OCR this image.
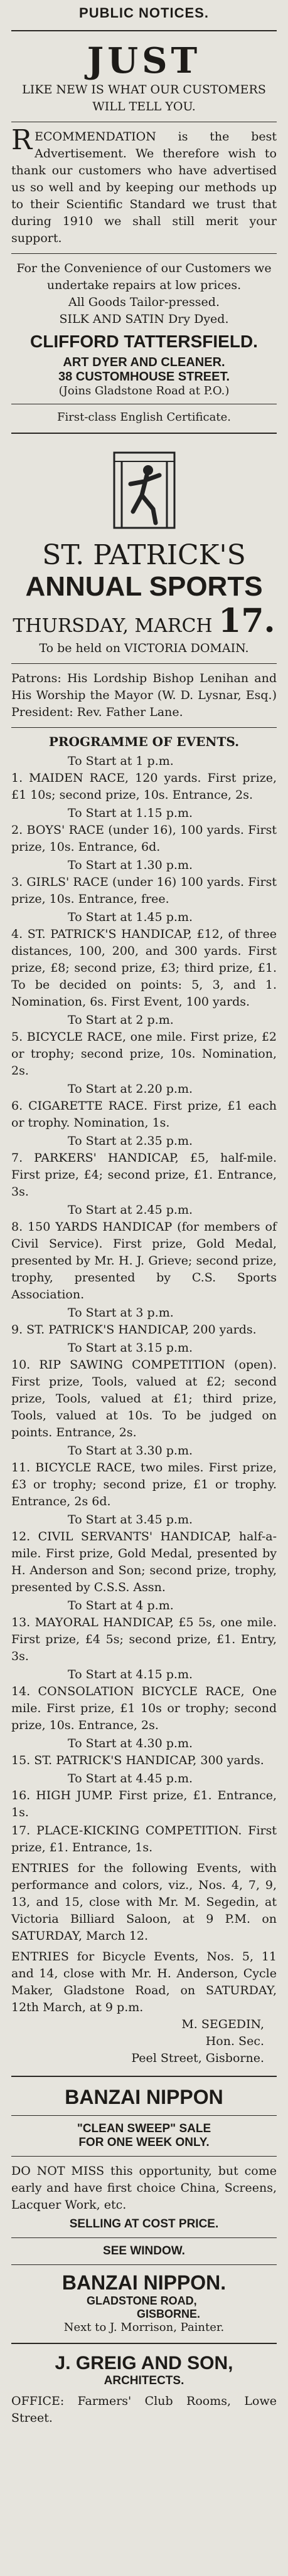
PUBLIC NOTICES.
JUST
LIKE NEW IS WHAT OUR CUSTOMERS WILL TELL YOU.
RECOMMENDATION is the best Advertisement. We therefore wish to thank our customers who have advertised us so well and by keeping our methods up to their Scientific Standard we trust that during 1910 we shall still merit your support.
For the Convenience of our Customers we undertake repairs at low prices.
All Goods Tailor-pressed.
SILK AND SATIN Dry Dyed.
CLIFFORD TATTERSFIELD.
ART DYER AND CLEANER.
38 CUSTOMHOUSE STREET.
(Joins Gladstone Road at P.O.)
First-class English Certificate.
ST. PATRICK'S
ANNUAL SPORTS
THURSDAY, MARCH 17.
To be held on VICTORIA DOMAIN.
Patrons: His Lordship Bishop Lenihan and His Worship the Mayor (W. D. Lysnar, Esq.) President: Rev. Father Lane.
PROGRAMME OF EVENTS.
To Start at 1 p.m.
1. MAIDEN RACE, 120 yards. First prize, £1 10s; second prize, 10s. Entrance, 2s.
To Start at 1.15 p.m.
2. BOYS' RACE (under 16), 100 yards. First prize, 10s. Entrance, 6d.
To Start at 1.30 p.m.
3. GIRLS' RACE (under 16) 100 yards. First prize, 10s. Entrance, free.
To Start at 1.45 p.m.
4. ST. PATRICK'S HANDICAP, £12, of three distances, 100, 200, and 300 yards. First prize, £8; second prize, £3; third prize, £1. To be decided on points: 5, 3, and 1. Nomination, 6s. First Event, 100 yards.
To Start at 2 p.m.
5. BICYCLE RACE, one mile. First prize, £2 or trophy; second prize, 10s. Nomination, 2s.
To Start at 2.20 p.m.
6. CIGARETTE RACE. First prize, £1 each or trophy. Nomination, 1s.
To Start at 2.35 p.m.
7. PARKERS' HANDICAP, £5, half-mile. First prize, £4; second prize, £1. Entrance, 3s.
To Start at 2.45 p.m.
8. 150 YARDS HANDICAP (for members of Civil Service). First prize, Gold Medal, presented by Mr. H. J. Grieve; second prize, trophy, presented by C.S. Sports Association.
To Start at 3 p.m.
9. ST. PATRICK'S HANDICAP, 200 yards.
To Start at 3.15 p.m.
10. RIP SAWING COMPETITION (open). First prize, Tools, valued at £2; second prize, Tools, valued at £1; third prize, Tools, valued at 10s. To be judged on points. Entrance, 2s.
To Start at 3.30 p.m.
11. BICYCLE RACE, two miles. First prize, £3 or trophy; second prize, £1 or trophy. Entrance, 2s 6d.
To Start at 3.45 p.m.
12. CIVIL SERVANTS' HANDICAP, half-a-mile. First prize, Gold Medal, presented by H. Anderson and Son; second prize, trophy, presented by C.S.S. Assn.
To Start at 4 p.m.
13. MAYORAL HANDICAP, £5 5s, one mile. First prize, £4 5s; second prize, £1. Entry, 3s.
To Start at 4.15 p.m.
14. CONSOLATION BICYCLE RACE, One mile. First prize, £1 10s or trophy; second prize, 10s. Entrance, 2s.
To Start at 4.30 p.m.
15. ST. PATRICK'S HANDICAP, 300 yards.
To Start at 4.45 p.m.
16. HIGH JUMP. First prize, £1. Entrance, 1s.
17. PLACE-KICKING COMPETITION. First prize, £1. Entrance, 1s.
ENTRIES for the following Events, with performance and colors, viz., Nos. 4, 7, 9, 13, and 15, close with Mr. M. Segedin, at Victoria Billiard Saloon, at 9 P.M. on SATURDAY, March 12.
ENTRIES for Bicycle Events, Nos. 5, 11 and 14, close with Mr. H. Anderson, Cycle Maker, Gladstone Road, on SATURDAY, 12th March, at 9 p.m.
M. SEGEDIN,
Hon. Sec.
Peel Street, Gisborne.
BANZAI NIPPON
"CLEAN SWEEP" SALE
FOR ONE WEEK ONLY.
DO NOT MISS this opportunity, but come early and have first choice China, Screens, Lacquer Work, etc.
SELLING AT COST PRICE.
SEE WINDOW.
BANZAI NIPPON.
GLADSTONE ROAD,
GISBORNE.
Next to J. Morrison, Painter.
J. GREIG AND SON,
ARCHITECTS.
OFFICE: Farmers' Club Rooms, Lowe Street.
